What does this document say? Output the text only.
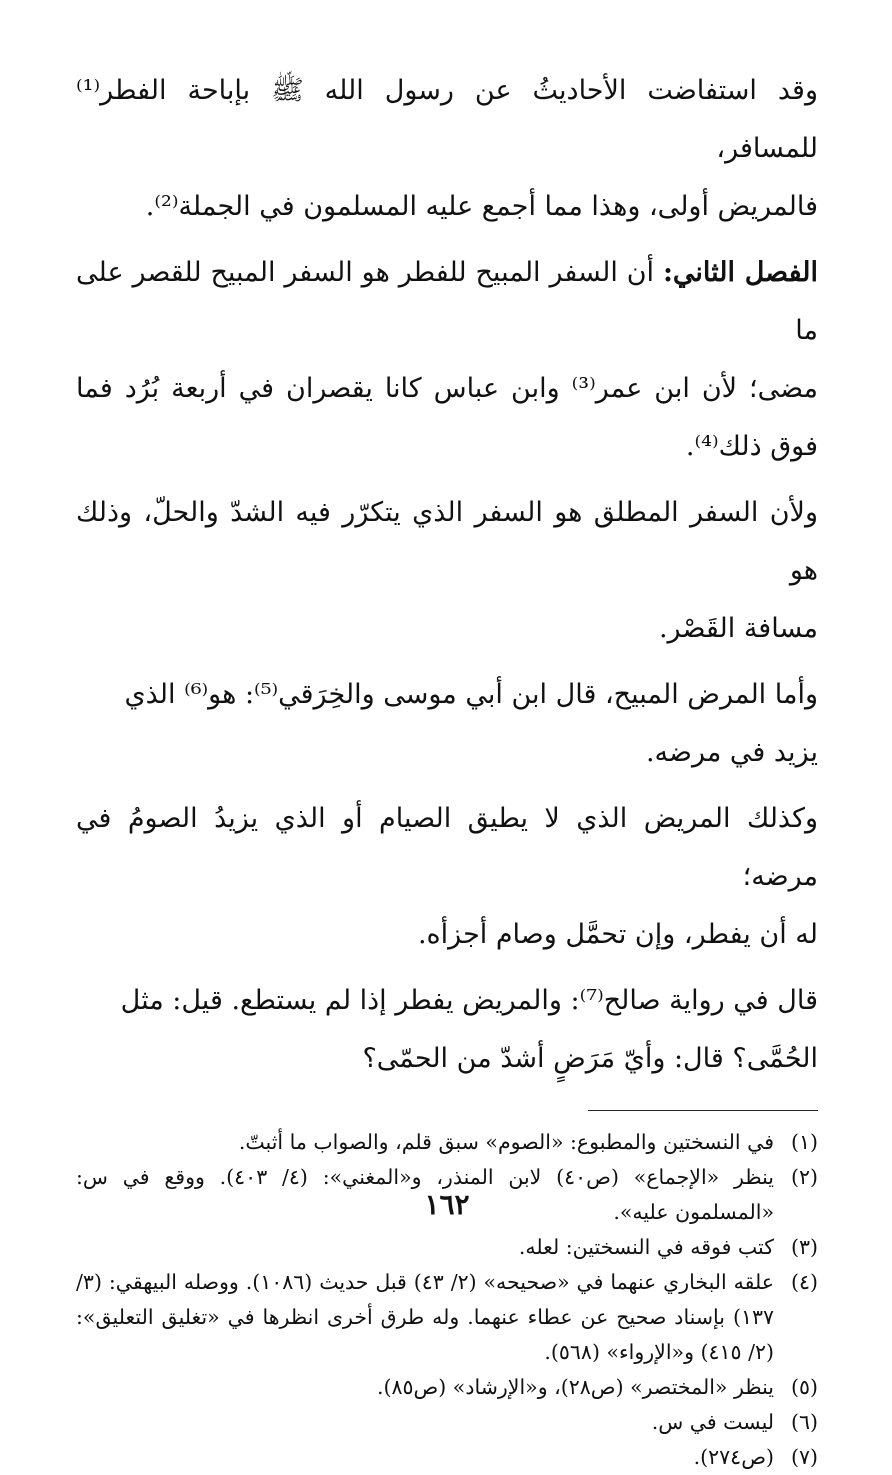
وقد استفاضت الأحاديثُ عن رسول الله ﷺ بإباحة الفطر⁽¹⁾ للمسافر،
فالمريض أولى، وهذا مما أجمع عليه المسلمون في الجملة⁽²⁾.

الفصل الثاني: أن السفر المبيح للفطر هو السفر المبيح للقصر على ما
مضى؛ لأن ابن عمر⁽³⁾ وابن عباس كانا يقصران في أربعة بُرُد فما فوق ذلك⁽⁴⁾.

ولأن السفر المطلق هو السفر الذي يتكرّر فيه الشدّ والحلّ، وذلك هو
مسافة القَصْر.

وأما المرض المبيح، قال ابن أبي موسى والخِرَقي⁽⁵⁾: هو⁽⁶⁾ الذي
يزيد في مرضه.

وكذلك المريض الذي لا يطيق الصيام أو الذي يزيدُ الصومُ في مرضه؛
له أن يفطر، وإن تحمَّل وصام أجزأه.

قال في رواية صالح⁽⁷⁾: والمريض يفطر إذا لم يستطع. قيل: مثل
الحُمَّى؟ قال: وأيّ مَرَضٍ أشدّ من الحمّى؟

(١)
في النسختين والمطبوع: «الصوم» سبق قلم، والصواب ما أثبتّ.
(٢)
ينظر «الإجماع» (ص٤٠) لابن المنذر، و«المغني»: (٤/ ٤٠٣). ووقع في س: «المسلمون عليه».
(٣)
كتب فوقه في النسختين: لعله.
(٤)
علقه البخاري عنهما في «صحيحه» (٢/ ٤٣) قبل حديث (١٠٨٦). ووصله البيهقي: (٣/ ١٣٧) بإسناد صحيح عن عطاء عنهما. وله طرق أخرى انظرها في «تغليق التعليق»: (٢/ ٤١٥) و«الإرواء» (٥٦٨).
(٥)
ينظر «المختصر» (ص٢٨)، و«الإرشاد» (ص٨٥).
(٦)
ليست في س.
(٧)
(ص٢٧٤).
١٦٢
